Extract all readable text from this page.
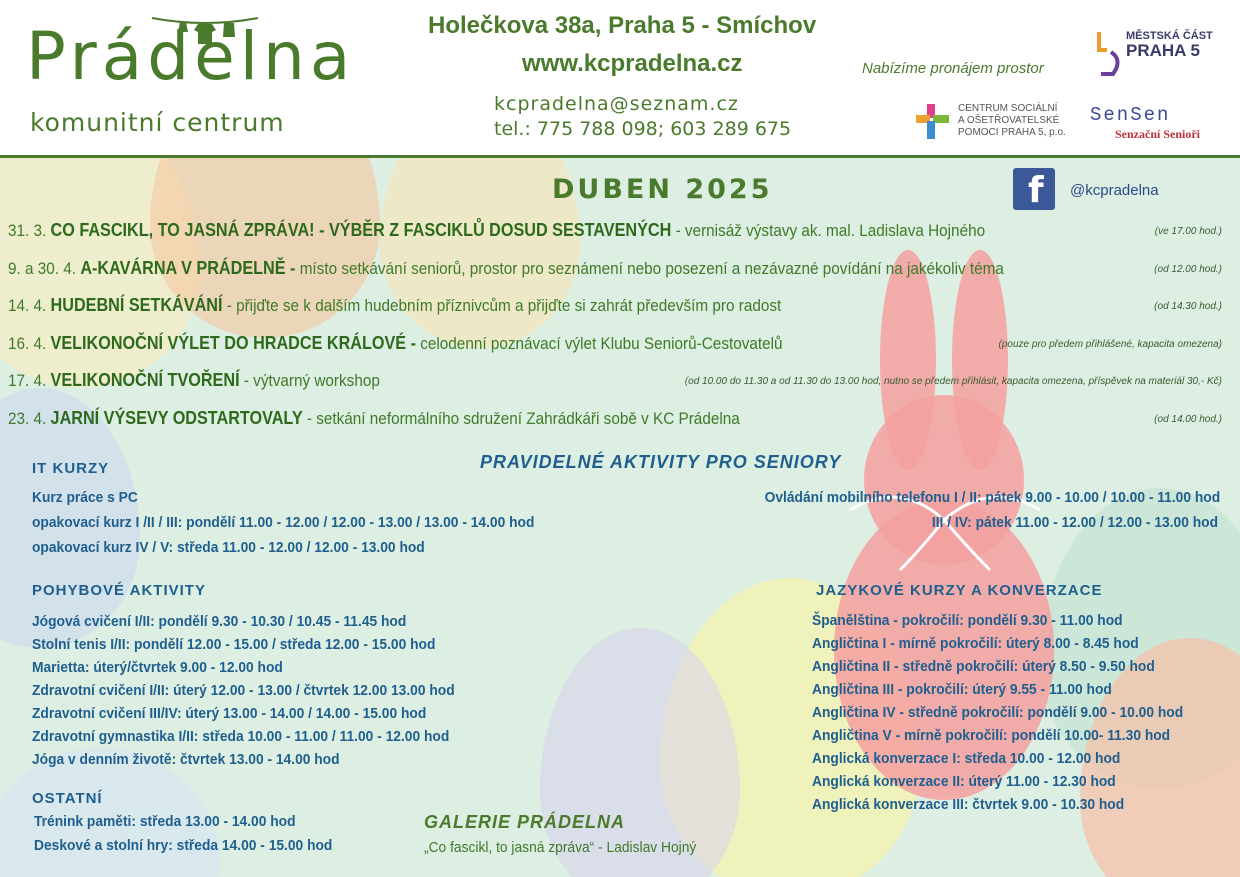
Prádelna
komunitní centrum
Holečkova 38a, Praha 5 - Smíchov
www.kcpradelna.cz
kcpradelna@seznam.cz
tel.: 775 788 098; 603 289 675
Nabízíme pronájem prostor
MĚSTSKÁ ČÁST
PRAHA 5
CENTRUM SOCIÁLNÍ
A OŠETŘOVATELSKÉ
POMOCI PRAHA 5, p.o.
SenSen
Senzační Senioři
DUBEN 2025	f @kcpradelna
31. 3. CO FASCIKL, TO JASNÁ ZPRÁVA! - VÝBĚR Z FASCIKLŮ DOSUD SESTAVENÝCH - vernisáž výstavy ak. mal. Ladislava Hojného	(ve 17.00 hod.)
9. a 30. 4. A-KAVÁRNA V PRÁDELNĚ - místo setkávání seniorů, prostor pro seznámení nebo posezení a nezávazné povídání na jakékoliv téma	(od 12.00 hod.)
14. 4. HUDEBNÍ SETKÁVÁNÍ - přijďte se k dalším hudebním příznivcům a přijďte si zahrát především pro radost	(od 14.30 hod.)
16. 4. VELIKONOČNÍ VÝLET DO HRADCE KRÁLOVÉ - celodenní poznávací výlet Klubu Seniorů-Cestovatelů	(pouze pro předem přihlášené, kapacita omezena)
17. 4. VELIKONOČNÍ TVOŘENÍ - výtvarný workshop	(od 10.00 do 11.30 a od 11.30 do 13.00 hod, nutno se předem přihlásit, kapacita omezena, příspěvek na materiál 30,- Kč)
23. 4. JARNÍ VÝSEVY ODSTARTOVALY - setkání neformálního sdružení Zahrádkáři sobě v KC Prádelna	(od 14.00 hod.)
PRAVIDELNÉ AKTIVITY PRO SENIORY
IT KURZY
Kurz práce s PC
opakovací kurz I /II / III: pondělí 11.00 - 12.00 / 12.00 - 13.00 / 13.00 - 14.00 hod
opakovací kurz IV / V: středa 11.00 - 12.00 / 12.00 - 13.00 hod
Ovládání mobilního telefonu I / II: pátek 9.00 - 10.00 / 10.00 - 11.00 hod
III / IV: pátek 11.00 - 12.00 / 12.00 - 13.00 hod
POHYBOVÉ AKTIVITY
Jógová cvičení I/II: pondělí 9.30 - 10.30 / 10.45 - 11.45 hod
Stolní tenis I/II: pondělí 12.00 - 15.00 / středa 12.00 - 15.00 hod
Marietta: úterý/čtvrtek 9.00 - 12.00 hod
Zdravotní cvičení I/II: úterý 12.00 - 13.00 / čtvrtek 12.00 13.00 hod
Zdravotní cvičení III/IV: úterý 13.00 - 14.00 / 14.00 - 15.00 hod
Zdravotní gymnastika I/II: středa 10.00 - 11.00 / 11.00 - 12.00 hod
Jóga v denním životě: čtvrtek 13.00 - 14.00 hod
OSTATNÍ
Trénink paměti: středa 13.00 - 14.00 hod
Deskové a stolní hry: středa 14.00 - 15.00 hod
GALERIE PRÁDELNA
„Co fascikl, to jasná zpráva“ - Ladislav Hojný
JAZYKOVÉ KURZY A KONVERZACE
Španělština - pokročilí: pondělí 9.30 - 11.00 hod
Angličtina I - mírně pokročilí: úterý 8.00 - 8.45 hod
Angličtina II - středně pokročilí: úterý 8.50 - 9.50 hod
Angličtina III - pokročilí: úterý 9.55 - 11.00 hod
Angličtina IV - středně pokročilí: pondělí 9.00 - 10.00 hod
Angličtina V - mírně pokročilí: pondělí 10.00- 11.30 hod
Anglická konverzace I: středa 10.00 - 12.00 hod
Anglická konverzace II: úterý 11.00 - 12.30 hod
Anglická konverzace III: čtvrtek 9.00 - 10.30 hod
